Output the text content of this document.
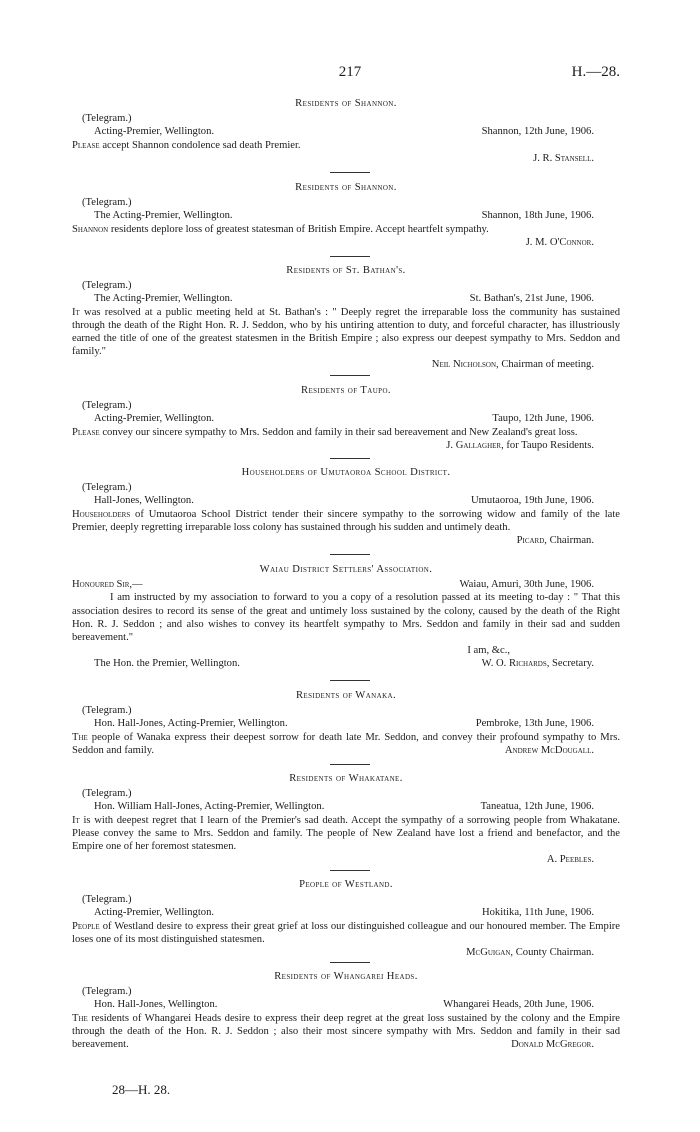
217	H.—28.
Residents of Shannon.
(Telegram.)
Acting-Premier, Wellington.	Shannon, 12th June, 1906.
Please accept Shannon condolence sad death Premier.
J. R. Stansell.
Residents of Shannon.
(Telegram.)
The Acting-Premier, Wellington.	Shannon, 18th June, 1906.
Shannon residents deplore loss of greatest statesman of British Empire. Accept heartfelt sympathy.
J. M. O'Connor.
Residents of St. Bathan's.
(Telegram.)
The Acting-Premier, Wellington.	St. Bathan's, 21st June, 1906.
It was resolved at a public meeting held at St. Bathan's : " Deeply regret the irreparable loss the community has sustained through the death of the Right Hon. R. J. Seddon, who by his untiring attention to duty, and forceful character, has illustriously earned the title of one of the greatest statesmen in the British Empire ; also express our deepest sympathy to Mrs. Seddon and family."
Neil Nicholson, Chairman of meeting.
Residents of Taupo.
(Telegram.)
Acting-Premier, Wellington.	Taupo, 12th June, 1906.
Please convey our sincere sympathy to Mrs. Seddon and family in their sad bereavement and New Zealand's great loss.
J. Gallagher, for Taupo Residents.
Householders of Umutaoroa School District.
(Telegram.)
Hall-Jones, Wellington.	Umutaoroa, 19th June, 1906.
Householders of Umutaoroa School District tender their sincere sympathy to the sorrowing widow and family of the late Premier, deeply regretting irreparable loss colony has sustained through his sudden and untimely death.
Picard, Chairman.
Waiau District Settlers' Association.
Honoured Sir,—	Waiau, Amuri, 30th June, 1906.
I am instructed by my association to forward to you a copy of a resolution passed at its meeting to-day : " That this association desires to record its sense of the great and untimely loss sustained by the colony, caused by the death of the Right Hon. R. J. Seddon ; and also wishes to convey its heartfelt sympathy to Mrs. Seddon and family in their sad and sudden bereavement."
I am, &c.,
The Hon. the Premier, Wellington.	W. O. Richards, Secretary.
Residents of Wanaka.
(Telegram.)
Hon. Hall-Jones, Acting-Premier, Wellington.	Pembroke, 13th June, 1906.
The people of Wanaka express their deepest sorrow for death late Mr. Seddon, and convey their profound sympathy to Mrs. Seddon and family.	Andrew McDougall.
Residents of Whakatane.
(Telegram.)
Hon. William Hall-Jones, Acting-Premier, Wellington.	Taneatua, 12th June, 1906.
It is with deepest regret that I learn of the Premier's sad death. Accept the sympathy of a sorrowing people from Whakatane. Please convey the same to Mrs. Seddon and family. The people of New Zealand have lost a friend and benefactor, and the Empire one of her foremost statesmen.
A. Peebles.
People of Westland.
(Telegram.)
Acting-Premier, Wellington.	Hokitika, 11th June, 1906.
People of Westland desire to express their great grief at loss our distinguished colleague and our honoured member. The Empire loses one of its most distinguished statesmen.
McGuigan, County Chairman.
Residents of Whangarei Heads.
(Telegram.)
Hon. Hall-Jones, Wellington.	Whangarei Heads, 20th June, 1906.
The residents of Whangarei Heads desire to express their deep regret at the great loss sustained by the colony and the Empire through the death of the Hon. R. J. Seddon ; also their most sincere sympathy with Mrs. Seddon and family in their sad bereavement.	Donald McGregor.
28—H. 28.
